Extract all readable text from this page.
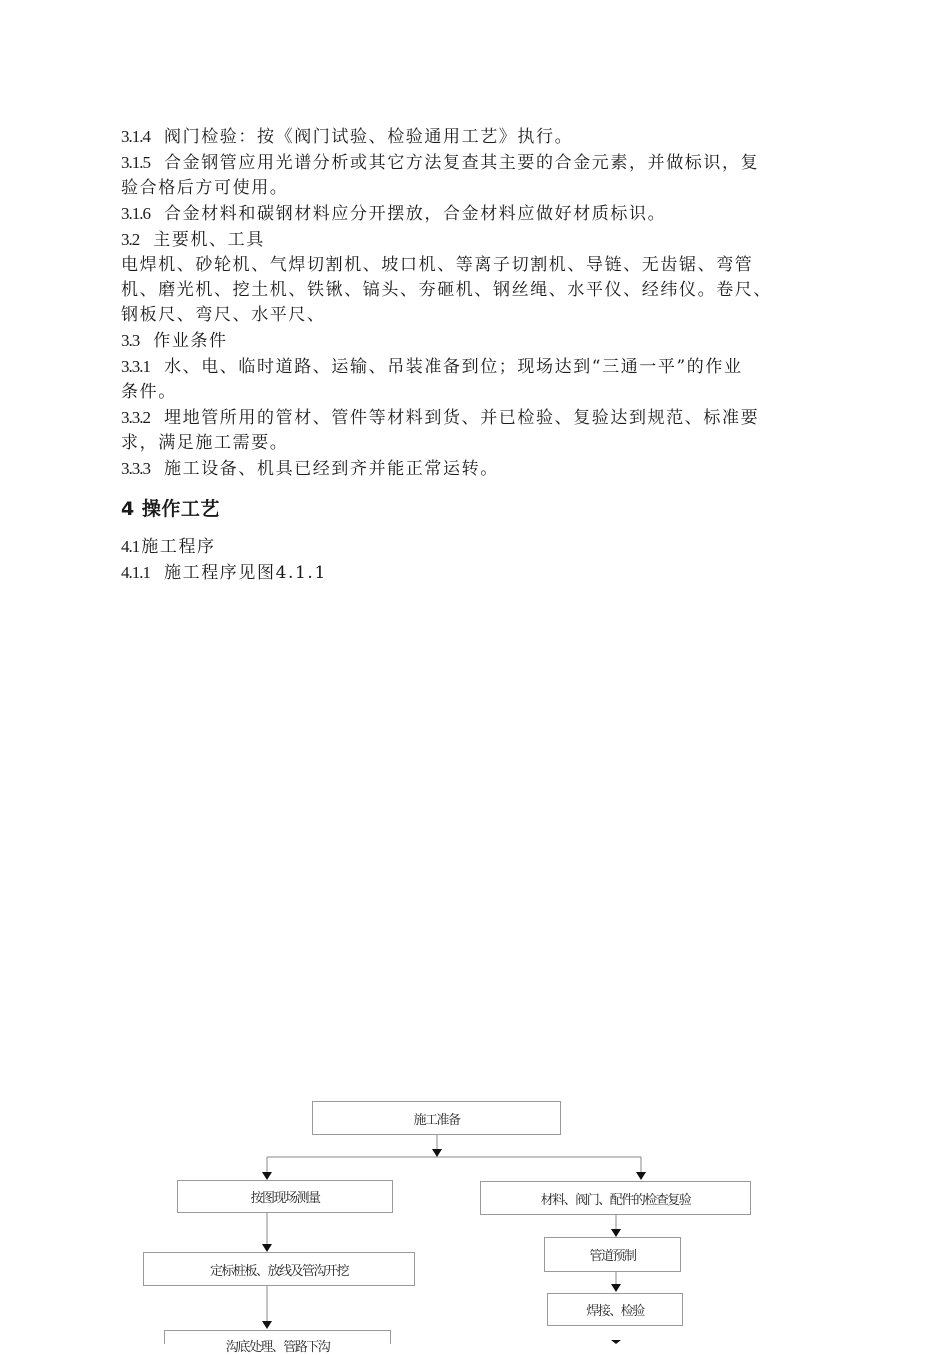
3.1.4 阀门检验：按《阀门试验、检验通用工艺》执行。
3.1.5 合金钢管应用光谱分析或其它方法复查其主要的合金元素，并做标识，复
验合格后方可使用。
3.1.6 合金材料和碳钢材料应分开摆放，合金材料应做好材质标识。
3.2 主要机、工具
电焊机、砂轮机、气焊切割机、坡口机、等离子切割机、导链、无齿锯、弯管
机、磨光机、挖土机、铁锹、镐头、夯砸机、钢丝绳、水平仪、经纬仪。卷尺、
钢板尺、弯尺、水平尺、
3.3 作业条件
3.3.1 水、电、临时道路、运输、吊装准备到位；现场达到“三通一平”的作业
条件。
3.3.2 埋地管所用的管材、管件等材料到货、并已检验、复验达到规范、标准要
求，满足施工需要。
3.3.3 施工设备、机具已经到齐并能正常运转。
4 操作工艺
4.1 施工程序
4.1.1 施工程序见图4.1.1
施工准备
按图现场测量	材料、阀门、配件的检查复验
管道预制
定标桩板、放线及管沟开挖
焊接、检验
沟底处理、管路下沟
